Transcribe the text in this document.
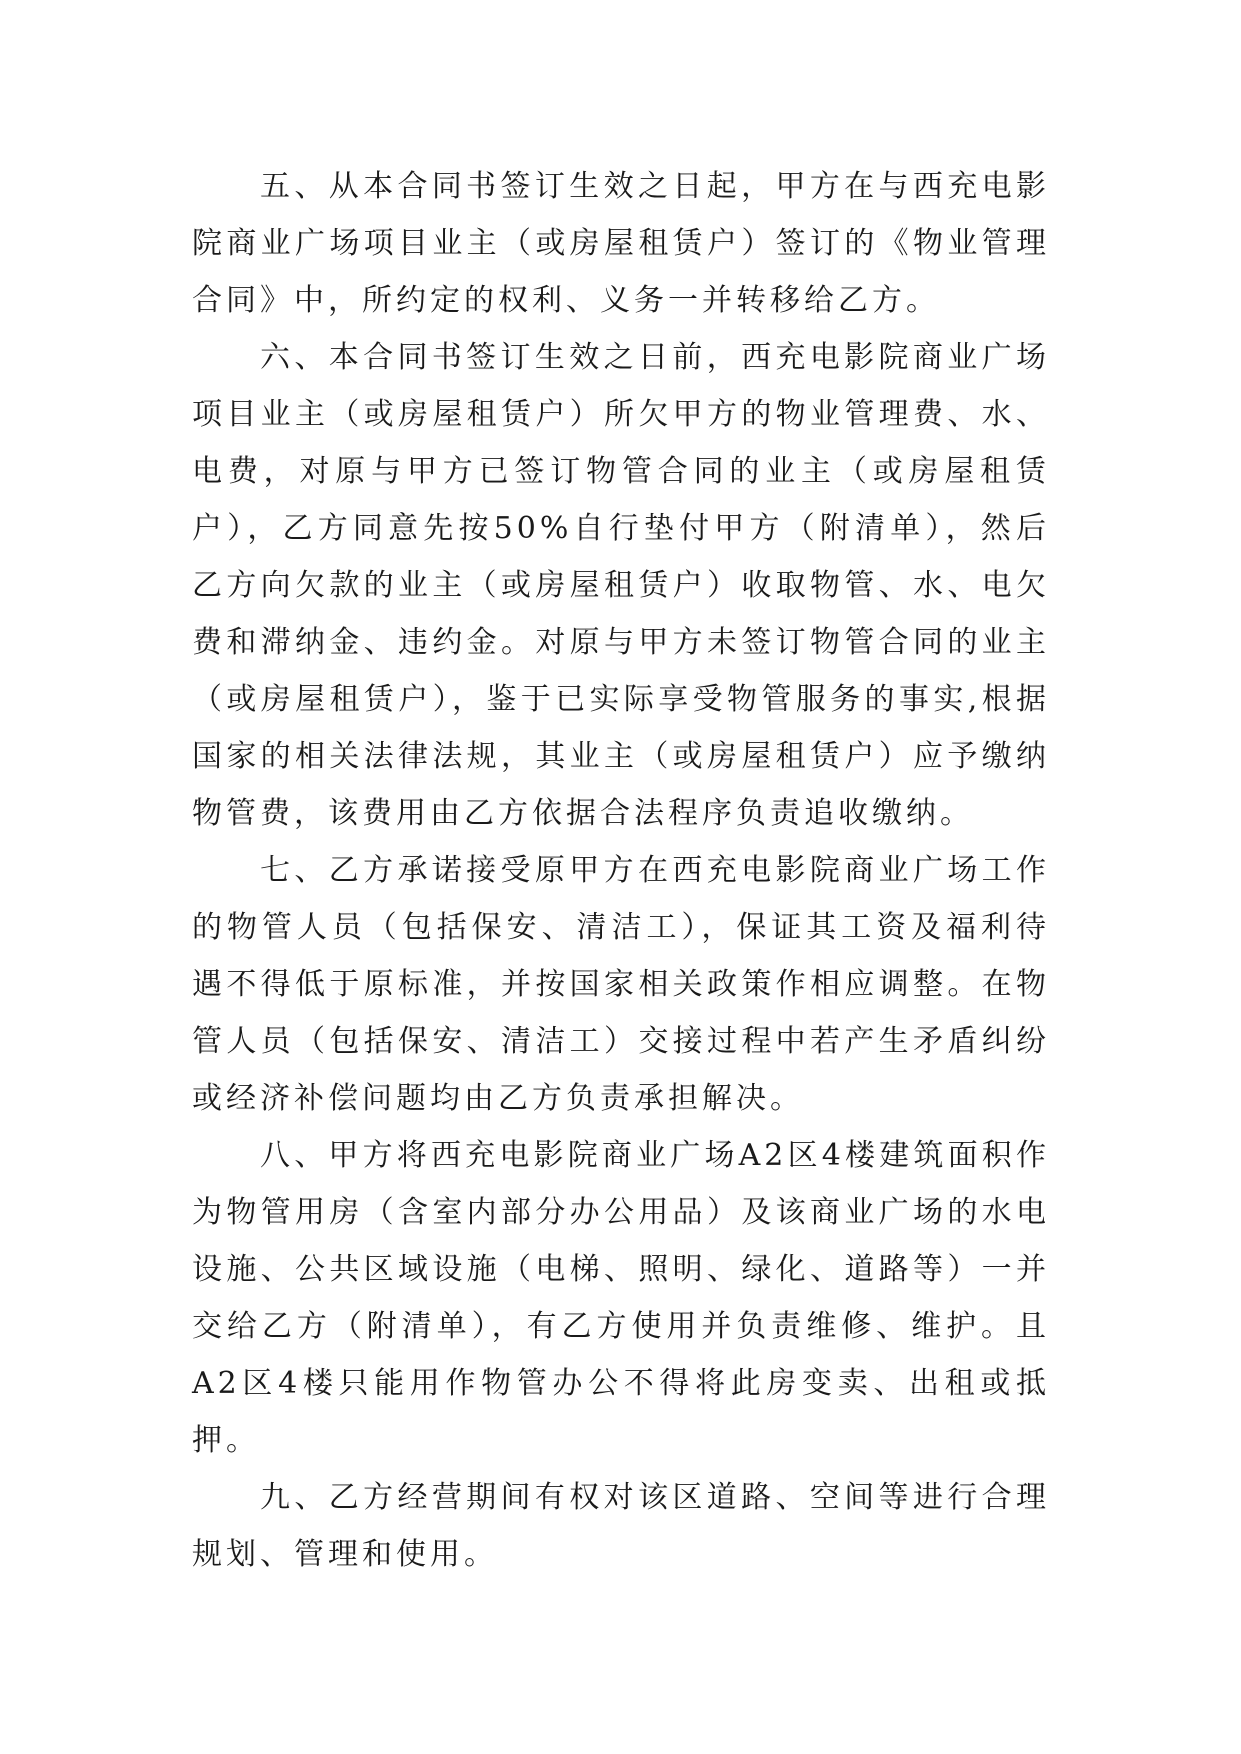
五、从本合同书签订生效之日起，甲方在与西充电影院商业广场项目业主（或房屋租赁户）签订的《物业管理合同》中，所约定的权利、义务一并转移给乙方。

六、本合同书签订生效之日前，西充电影院商业广场项目业主（或房屋租赁户）所欠甲方的物业管理费、水、电费，对原与甲方已签订物管合同的业主（或房屋租赁户），乙方同意先按50%自行垫付甲方（附清单），然后乙方向欠款的业主（或房屋租赁户）收取物管、水、电欠费和滞纳金、违约金。对原与甲方未签订物管合同的业主（或房屋租赁户），鉴于已实际享受物管服务的事实,根据国家的相关法律法规，其业主（或房屋租赁户）应予缴纳物管费，该费用由乙方依据合法程序负责追收缴纳。

七、乙方承诺接受原甲方在西充电影院商业广场工作的物管人员（包括保安、清洁工），保证其工资及福利待遇不得低于原标准，并按国家相关政策作相应调整。在物管人员（包括保安、清洁工）交接过程中若产生矛盾纠纷或经济补偿问题均由乙方负责承担解决。

八、甲方将西充电影院商业广场A2区4楼建筑面积作为物管用房（含室内部分办公用品）及该商业广场的水电设施、公共区域设施（电梯、照明、绿化、道路等）一并交给乙方（附清单），有乙方使用并负责维修、维护。且A2区4楼只能用作物管办公不得将此房变卖、出租或抵押。

九、乙方经营期间有权对该区道路、空间等进行合理规划、管理和使用。
